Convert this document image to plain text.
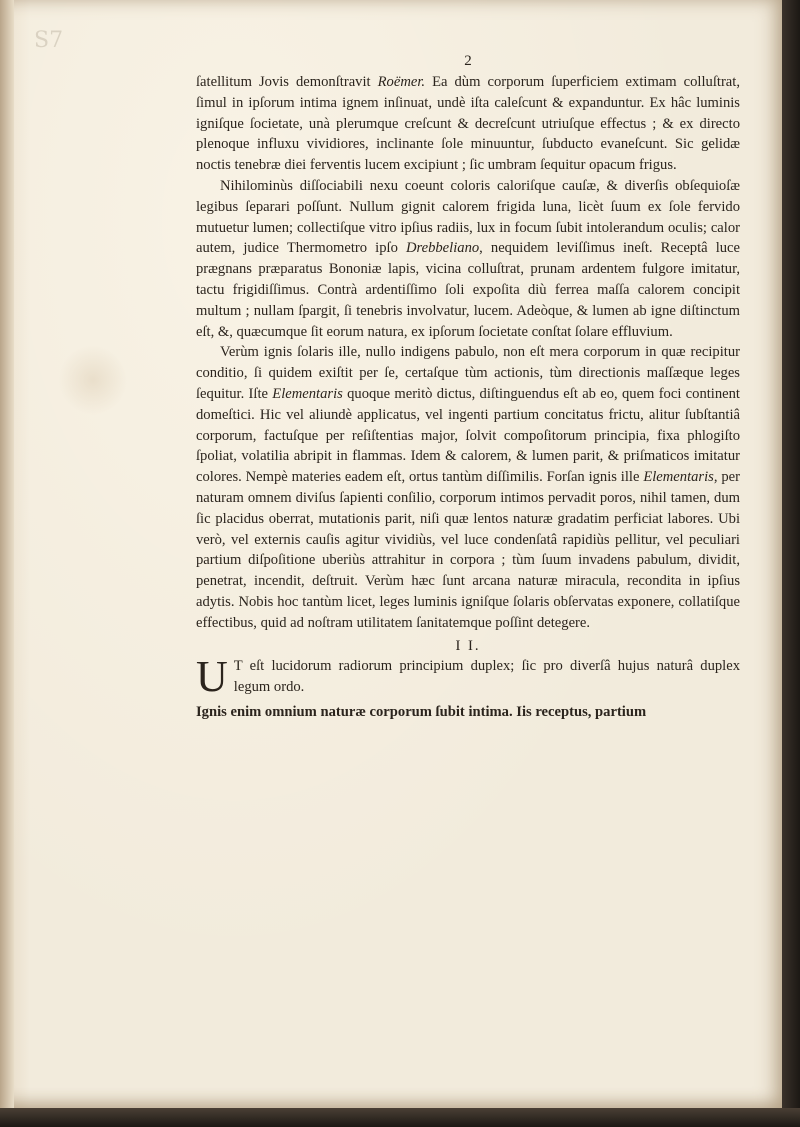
S7
2

ſatellitum Jovis demonſtravit Roëmer. Ea dùm corporum ſuperficiem extimam colluſtrat, ſimul in ipſorum intima ignem inſinuat, undè iſta caleſcunt & expanduntur. Ex hâc luminis igniſque ſocietate, unà plerumque creſcunt & decreſcunt utriuſque effectus ; & ex directo plenoque influxu vividiores, inclinante ſole minuuntur, ſubducto evaneſcunt. Sic gelidæ noctis tenebræ diei ferventis lucem excipiunt ; ſic umbram ſequitur opacum frigus.

Nihilominùs diſſociabili nexu coeunt coloris caloriſque cauſæ, & diverſis obſequioſæ legibus ſeparari poſſunt. Nullum gignit calorem frigida luna, licèt ſuum ex ſole fervido mutuetur lumen; collectiſque vitro ipſius radiis, lux in focum ſubit intolerandum oculis; calor autem, judice Thermometro ipſo Drebbeliano, nequidem leviſſimus ineſt. Receptâ luce prægnans præparatus Bononiæ lapis, vicina colluſtrat, prunam ardentem fulgore imitatur, tactu frigidiſſimus. Contrà ardentiſſimo ſoli expoſita diù ferrea maſſa calorem concipit multum ; nullam ſpargit, ſi tenebris involvatur, lucem. Adeòque, & lumen ab igne diſtinctum eſt, &, quæcumque ſit eorum natura, ex ipſorum ſocietate conſtat ſolare effluvium.

Verùm ignis ſolaris ille, nullo indigens pabulo, non eſt mera corporum in quæ recipitur conditio, ſi quidem exiſtit per ſe, certaſque tùm actionis, tùm directionis maſſæque leges ſequitur. Iſte Elementaris quoque meritò dictus, diſtinguendus eſt ab eo, quem foci continent domeſtici. Hic vel aliundè applicatus, vel ingenti partium concitatus frictu, alitur ſubſtantiâ corporum, factuſque per reſiſtentias major, ſolvit compoſitorum principia, fixa phlogiſto ſpoliat, volatilia abripit in flammas. Idem & calorem, & lumen parit, & priſmaticos imitatur colores. Nempè materies eadem eſt, ortus tantùm diſſimilis. Forſan ignis ille Elementaris, per naturam omnem diviſus ſapienti conſilio, corporum intimos pervadit poros, nihil tamen, dum ſic placidus oberrat, mutationis parit, niſi quæ lentos naturæ gradatim perficiat labores. Ubi verò, vel externis cauſis agitur vividiùs, vel luce condenſatâ rapidiùs pellitur, vel peculiari partium diſpoſitione uberiùs attrahitur in corpora ; tùm ſuum invadens pabulum, dividit, penetrat, incendit, deſtruit. Verùm hæc ſunt arcana naturæ miracula, recondita in ipſius adytis. Nobis hoc tantùm licet, leges luminis igniſque ſolaris obſervatas exponere, collatiſque effectibus, quid ad noſtram utilitatem ſanitatemque poſſint detegere.

I I.

U T eſt lucidorum radiorum principium duplex; ſic pro diverſâ hujus naturâ duplex legum ordo.

Ignis enim omnium naturæ corporum ſubit intima. Iis receptus, partium
